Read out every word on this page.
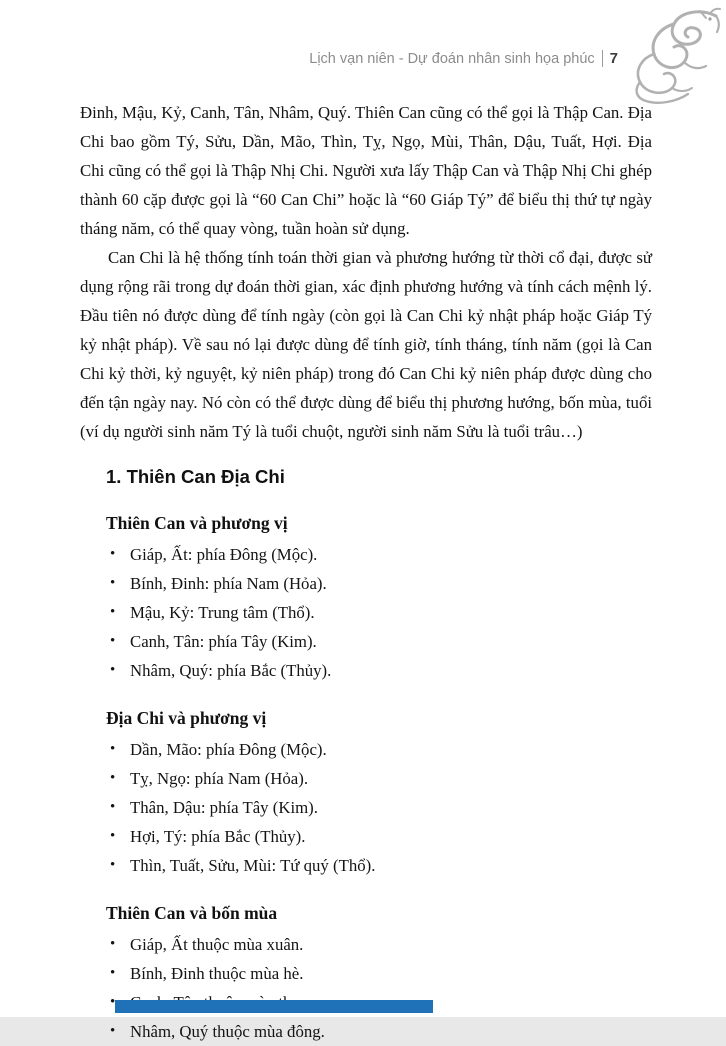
Lịch vạn niên - Dự đoán nhân sinh họa phúc 7

Đinh, Mậu, Kỷ, Canh, Tân, Nhâm, Quý. Thiên Can cũng có thể gọi là Thập Can. Địa Chi bao gồm Tý, Sửu, Dần, Mão, Thìn, Tỵ, Ngọ, Mùi, Thân, Dậu, Tuất, Hợi. Địa Chi cũng có thể gọi là Thập Nhị Chi. Người xưa lấy Thập Can và Thập Nhị Chi ghép thành 60 cặp được gọi là “60 Can Chi” hoặc là “60 Giáp Tý” để biểu thị thứ tự ngày tháng năm, có thể quay vòng, tuần hoàn sử dụng.

Can Chi là hệ thống tính toán thời gian và phương hướng từ thời cổ đại, được sử dụng rộng rãi trong dự đoán thời gian, xác định phương hướng và tính cách mệnh lý. Đầu tiên nó được dùng để tính ngày (còn gọi là Can Chi kỷ nhật pháp hoặc Giáp Tý kỷ nhật pháp). Về sau nó lại được dùng để tính giờ, tính tháng, tính năm (gọi là Can Chi kỷ thời, kỷ nguyệt, kỷ niên pháp) trong đó Can Chi kỷ niên pháp được dùng cho đến tận ngày nay. Nó còn có thể được dùng để biểu thị phương hướng, bốn mùa, tuổi (ví dụ người sinh năm Tý là tuổi chuột, người sinh năm Sửu là tuổi trâu…)

1. Thiên Can Địa Chi
Thiên Can và phương vị
• Giáp, Ất: phía Đông (Mộc).
• Bính, Đinh: phía Nam (Hỏa).
• Mậu, Kỷ: Trung tâm (Thổ).
• Canh, Tân: phía Tây (Kim).
• Nhâm, Quý: phía Bắc (Thủy).
Địa Chi và phương vị
• Dần, Mão: phía Đông (Mộc).
• Tỵ, Ngọ: phía Nam (Hỏa).
• Thân, Dậu: phía Tây (Kim).
• Hợi, Tý: phía Bắc (Thủy).
• Thìn, Tuất, Sửu, Mùi: Tứ quý (Thổ).
Thiên Can và bốn mùa
• Giáp, Ất thuộc mùa xuân.
• Bính, Đinh thuộc mùa hè.
•
• Nhâm, Quý thuộc mùa đông.
